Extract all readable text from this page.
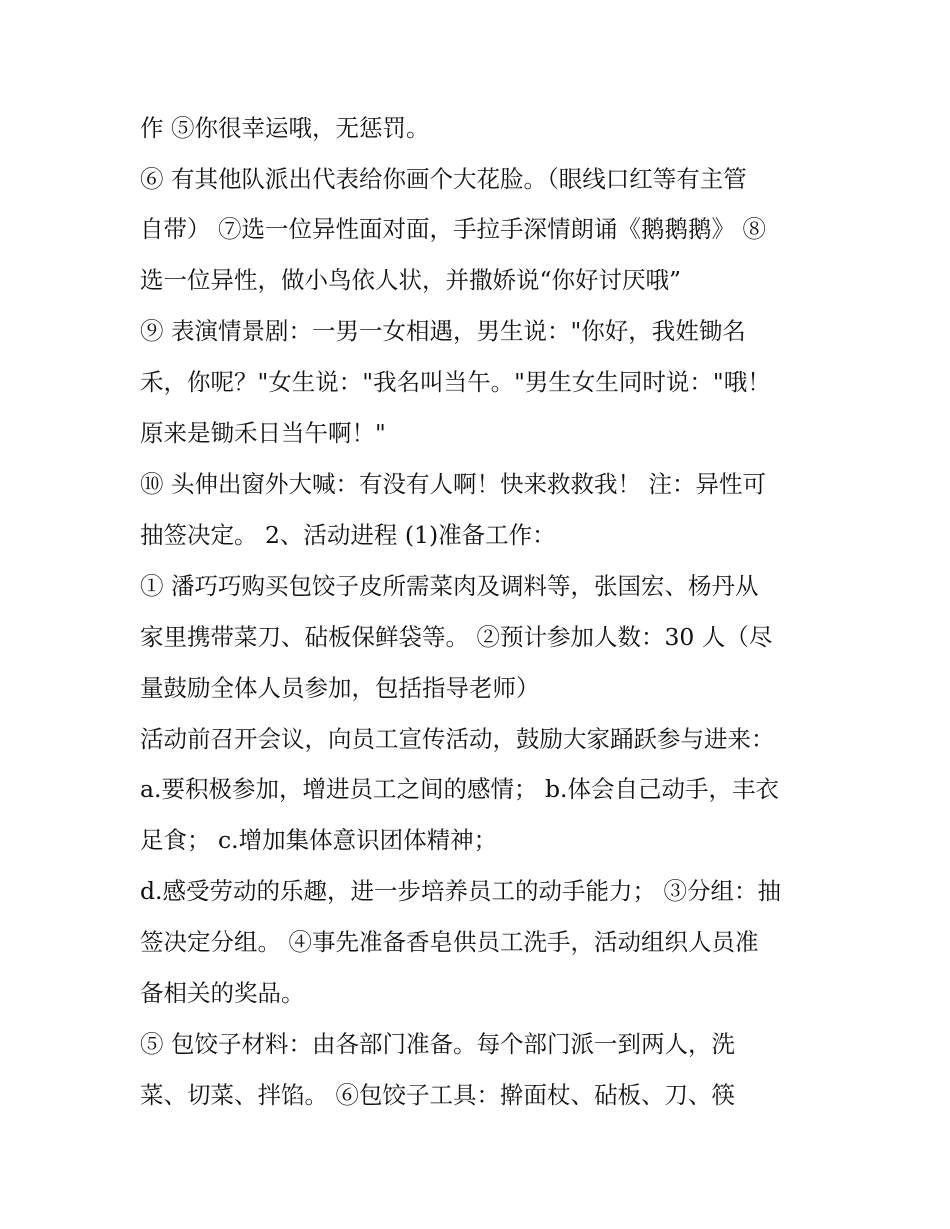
作 ⑤你很幸运哦，无惩罚。
⑥ 有其他队派出代表给你画个大花脸。（眼线口红等有主管
自带） ⑦选一位异性面对面，手拉手深情朗诵《鹅鹅鹅》 ⑧
选一位异性，做小鸟依人状，并撒娇说“你好讨厌哦”
⑨ 表演情景剧：一男一女相遇，男生说："你好，我姓锄名
禾，你呢？"女生说："我名叫当午。"男生女生同时说："哦！
原来是锄禾日当午啊！"
⑩ 头伸出窗外大喊：有没有人啊！快来救救我！ 注：异性可
抽签决定。 2、活动进程 (1)准备工作：
① 潘巧巧购买包饺子皮所需菜肉及调料等，张国宏、杨丹从
家里携带菜刀、砧板保鲜袋等。 ②预计参加人数：30 人（尽
量鼓励全体人员参加，包括指导老师）
活动前召开会议，向员工宣传活动，鼓励大家踊跃参与进来：
a.要积极参加，增进员工之间的感情； b.体会自己动手，丰衣
足食； c.增加集体意识团体精神；
d.感受劳动的乐趣，进一步培养员工的动手能力； ③分组：抽
签决定分组。 ④事先准备香皂供员工洗手，活动组织人员准
备相关的奖品。
⑤ 包饺子材料：由各部门准备。每个部门派一到两人，洗
菜、切菜、拌馅。 ⑥包饺子工具：擀面杖、砧板、刀、筷
